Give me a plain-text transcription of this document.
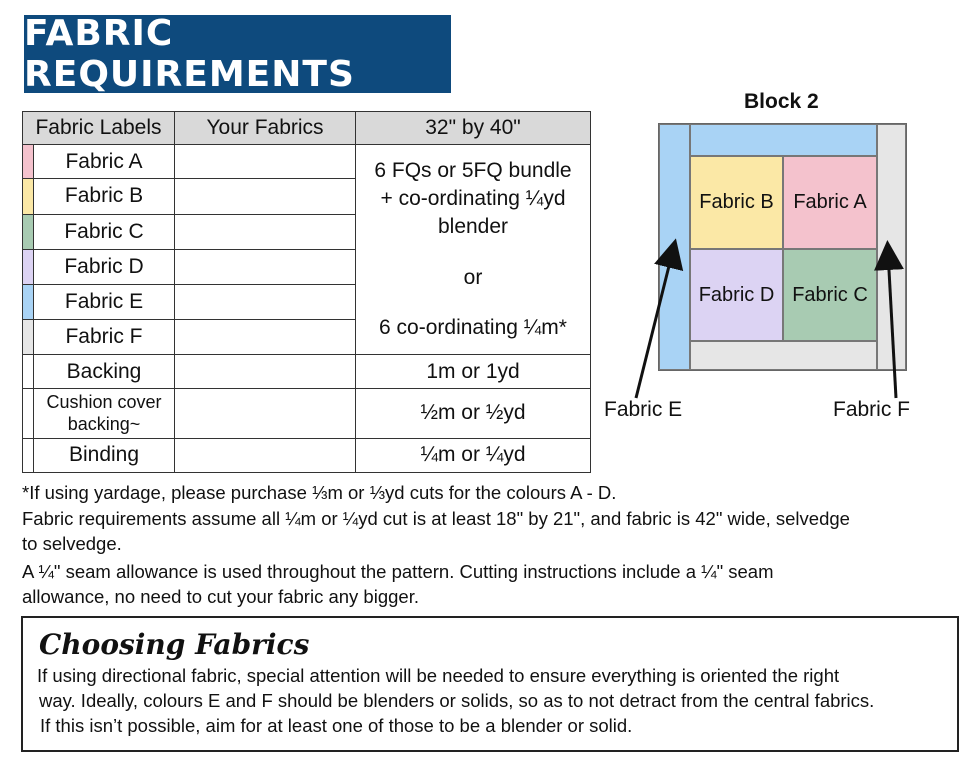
FABRIC REQUIREMENTS
Fabric Labels	Your Fabrics	32" by 40"

Fabric A		6 FQs or 5FQ bundle
+ co-ordinating ¼yd
blender
or
6 co-ordinating ¼m*

Fabric B		

Fabric C		

Fabric D		

Fabric E		

Fabric F		

Backing		1m or 1yd

Cushion cover backing~		½m or ½yd

Binding		¼m or ¼yd
Block 2
Fabric B Fabric A
Fabric D Fabric C
Fabric E	Fabric F
*If using yardage, please purchase ⅓m or ⅓yd cuts for the colours A - D.
Fabric requirements assume all ¼m or ¼yd cut is at least 18" by 21", and fabric is 42" wide, selvedge
to selvedge.
A ¼" seam allowance is used throughout the pattern. Cutting instructions include a ¼" seam
allowance, no need to cut your fabric any bigger.
Choosing Fabrics
If using directional fabric, special attention will be needed to ensure everything is oriented the right
way. Ideally, colours E and F should be blenders or solids, so as to not detract from the central fabrics.
If this isn’t possible, aim for at least one of those to be a blender or solid.
